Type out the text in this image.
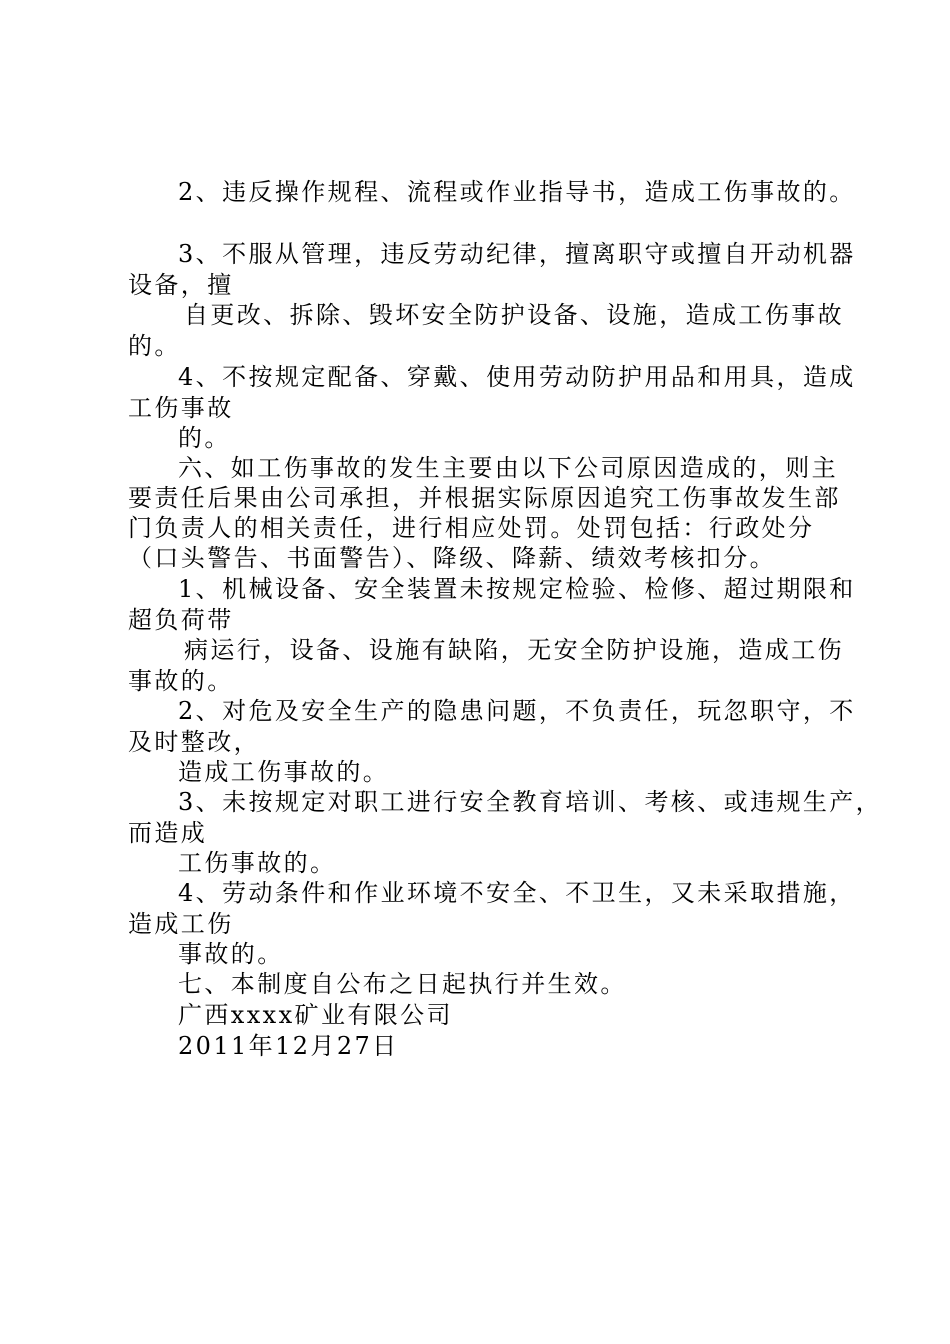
2、违反操作规程、流程或作业指导书，造成工伤事故的。
3、不服从管理，违反劳动纪律，擅离职守或擅自开动机器
设备，擅
自更改、拆除、毁坏安全防护设备、设施，造成工伤事故
的。
4、不按规定配备、穿戴、使用劳动防护用品和用具，造成
工伤事故
的。
六、如工伤事故的发生主要由以下公司原因造成的，则主
要责任后果由公司承担，并根据实际原因追究工伤事故发生部
门负责人的相关责任，进行相应处罚。处罚包括：行政处分
（口头警告、书面警告）、降级、降薪、绩效考核扣分。
1、机械设备、安全装置未按规定检验、检修、超过期限和
超负荷带
病运行，设备、设施有缺陷，无安全防护设施，造成工伤
事故的。
2、对危及安全生产的隐患问题，不负责任，玩忽职守，不
及时整改，
造成工伤事故的。
3、未按规定对职工进行安全教育培训、考核、或违规生产，
而造成
工伤事故的。
4、劳动条件和作业环境不安全、不卫生，又未采取措施，
造成工伤
事故的。
七、本制度自公布之日起执行并生效。
广西xxxx矿业有限公司
2011年12月27日
